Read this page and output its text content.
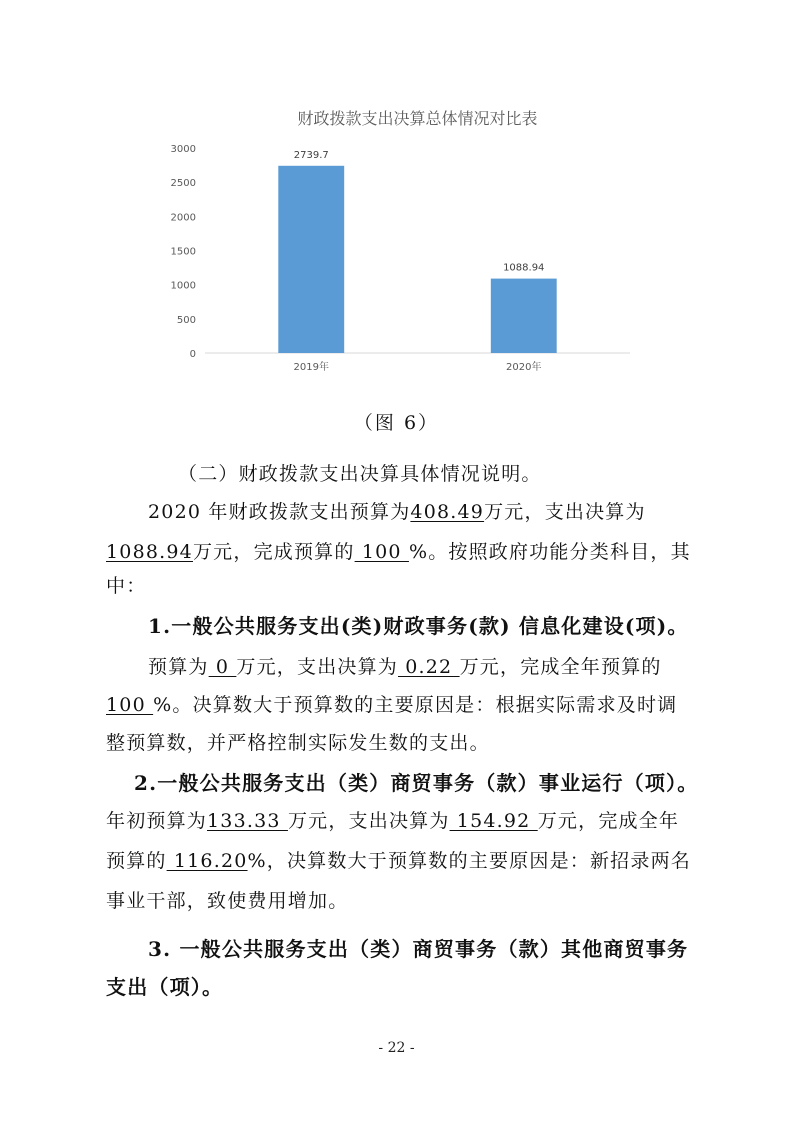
财政拨款支出决算总体情况对比表
0
500
1000
1500
2000
2500
3000
2739.7
2019年
1088.94
2020年
（图 6）
（二）财政拨款支出决算具体情况说明。
2020 年财政拨款支出预算为408.49万元，支出决算为
1088.94万元，完成预算的 100 %。按照政府功能分类科目，其
中：
1.一般公共服务支出(类)财政事务(款) 信息化建设(项)。
预算为 0 万元，支出决算为 0.22 万元，完成全年预算的
100 %。决算数大于预算数的主要原因是：根据实际需求及时调
整预算数，并严格控制实际发生数的支出。
2.一般公共服务支出（类）商贸事务（款）事业运行（项）。
年初预算为133.33 万元，支出决算为 154.92 万元，完成全年
预算的 116.20%，决算数大于预算数的主要原因是：新招录两名
事业干部，致使费用增加。
3. 一般公共服务支出（类）商贸事务（款）其他商贸事务
支出（项）。
- 22 -
